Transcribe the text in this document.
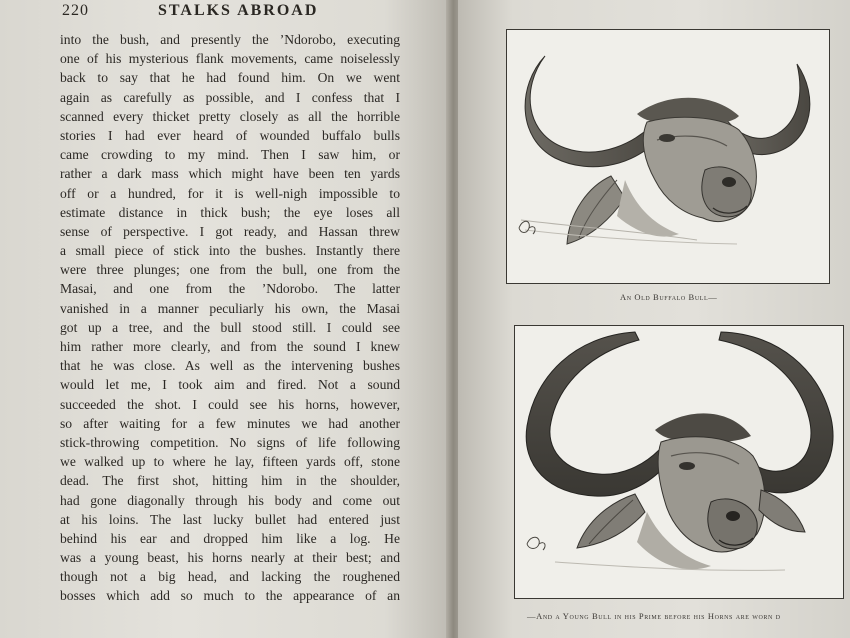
220	STALKS ABROAD
into the bush, and presently the ’Ndorobo, executing
one of his mysterious flank movements, came noiselessly
back to say that he had found him. On we went
again as carefully as possible, and I confess that I
scanned every thicket pretty closely as all the horrible
stories I had ever heard of wounded buffalo bulls
came crowding to my mind. Then I saw him, or
rather a dark mass which might have been ten yards
off or a hundred, for it is well-nigh impossible to
estimate distance in thick bush; the eye loses all
sense of perspective. I got ready, and Hassan threw
a small piece of stick into the bushes. Instantly there
were three plunges; one from the bull, one from the
Masai, and one from the ’Ndorobo. The latter
vanished in a manner peculiarly his own, the Masai
got up a tree, and the bull stood still. I could see
him rather more clearly, and from the sound I knew
that he was close. As well as the intervening bushes
would let me, I took aim and fired. Not a sound
succeeded the shot. I could see his horns, however,
so after waiting for a few minutes we had another
stick-throwing competition. No signs of life following
we walked up to where he lay, fifteen yards off, stone
dead. The first shot, hitting him in the shoulder,
had gone diagonally through his body and come out
at his loins. The last lucky bullet had entered just
behind his ear and dropped him like a log. He
was a young beast, his horns nearly at their best; and
though not a big head, and lacking the roughened
bosses which add so much to the appearance of an
An Old Buffalo Bull—
—And a Young Bull in his Prime before his Horns are worn d
